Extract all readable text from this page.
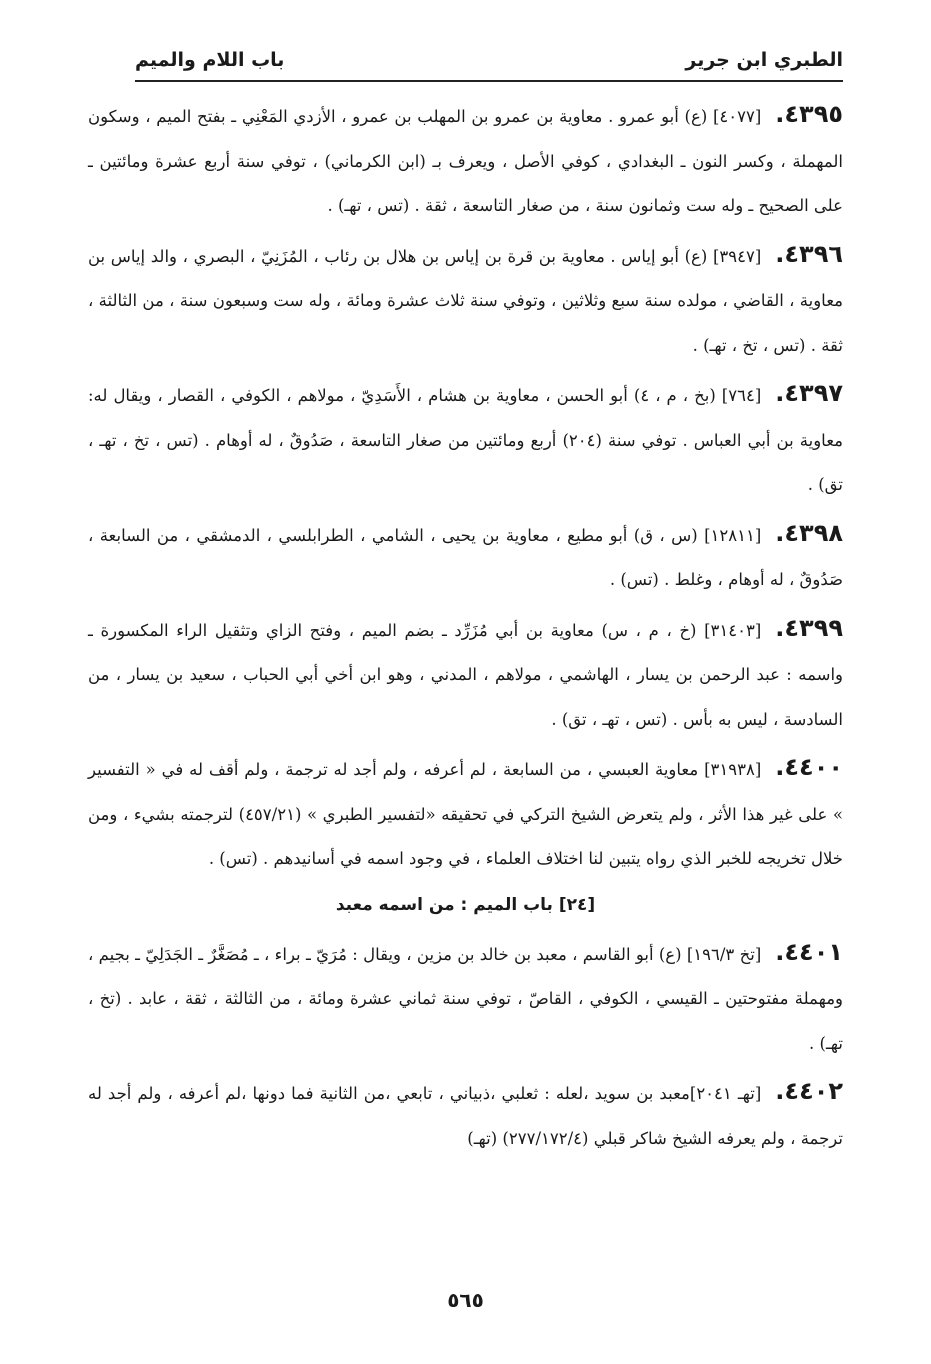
الطبري ابن جرير
باب اللام والميم

٤٣٩٥.[٤٠٧٧] (ع) أبو عمرو . معاوية بن عمرو بن المهلب بن عمرو ، الأزدي المَعْنِي ـ بفتح الميم ، وسكون المهملة ، وكسر النون ـ البغدادي ، كوفي الأصل ، ويعرف بـ (ابن الكرماني) ، توفي سنة أربع عشرة ومائتين ـ على الصحيح ـ وله ست وثمانون سنة ، من صغار التاسعة ، ثقة . (تس ، تهـ) .

٤٣٩٦.[٣٩٤٧] (ع) أبو إياس . معاوية بن قرة بن إياس بن هلال بن رئاب ، المُزَنِيّ ، البصري ، والد إياس بن معاوية ، القاضي ، مولده سنة سبع وثلاثين ، وتوفي سنة ثلاث عشرة ومائة ، وله ست وسبعون سنة ، من الثالثة ، ثقة . (تس ، تخ ، تهـ) .

٤٣٩٧.[٧٦٤] (بخ ، م ، ٤) أبو الحسن ، معاوية بن هشام ، الأَسَدِيّ ، مولاهم ، الكوفي ، القصار ، ويقال له: معاوية بن أبي العباس . توفي سنة (٢٠٤) أربع ومائتين من صغار التاسعة ، صَدُوقٌ ، له أوهام . (تس ، تخ ، تهـ ، تق) .

٤٣٩٨.[١٢٨١١] (س ، ق) أبو مطيع ، معاوية بن يحيى ، الشامي ، الطرابلسي ، الدمشقي ، من السابعة ، صَدُوقٌ ، له أوهام ، وغلط . (تس) .

٤٣٩٩.[٣١٤٠٣] (خ ، م ، س) معاوية بن أبي مُزَرِّد ـ بضم الميم ، وفتح الزاي وتثقيل الراء المكسورة ـ واسمه : عبد الرحمن بن يسار ، الهاشمي ، مولاهم ، المدني ، وهو ابن أخي أبي الحباب ، سعيد بن يسار ، من السادسة ، ليس به بأس . (تس ، تهـ ، تق) .

٤٤٠٠.[٣١٩٣٨] معاوية العبسي ، من السابعة ، لم أعرفه ، ولم أجد له ترجمة ، ولم أقف له في « التفسير » على غير هذا الأثر ، ولم يتعرض الشيخ التركي في تحقيقه «لتفسير الطبري » (٤٥٧/٢١) لترجمته بشيء ، ومن خلال تخريجه للخبر الذي رواه يتبين لنا اختلاف العلماء ، في وجود اسمه في أسانيدهم . (تس) .

[٢٤] باب الميم : من اسمه معبد

٤٤٠١.[تخ ١٩٦/٣] (ع) أبو القاسم ، معبد بن خالد بن مزين ، ويقال : مُرَيّ ـ براء ، ـ مُصَغَّرٌ ـ الجَدَلِيّ ـ بجيم ، ومهملة مفتوحتين ـ القيسي ، الكوفي ، القاصّ ، توفي سنة ثماني عشرة ومائة ، من الثالثة ، ثقة ، عابد . (تخ ، تهـ) .

٤٤٠٢.[تهـ ٢٠٤١]معبد بن سويد ،لعله : ثعلبي ،ذبياني ، تابعي ،من الثانية فما دونها ،لم أعرفه ، ولم أجد له ترجمة ، ولم يعرفه الشيخ شاكر قبلي (٢٧٧/١٧٢/٤) (تهـ)

٥٦٥
